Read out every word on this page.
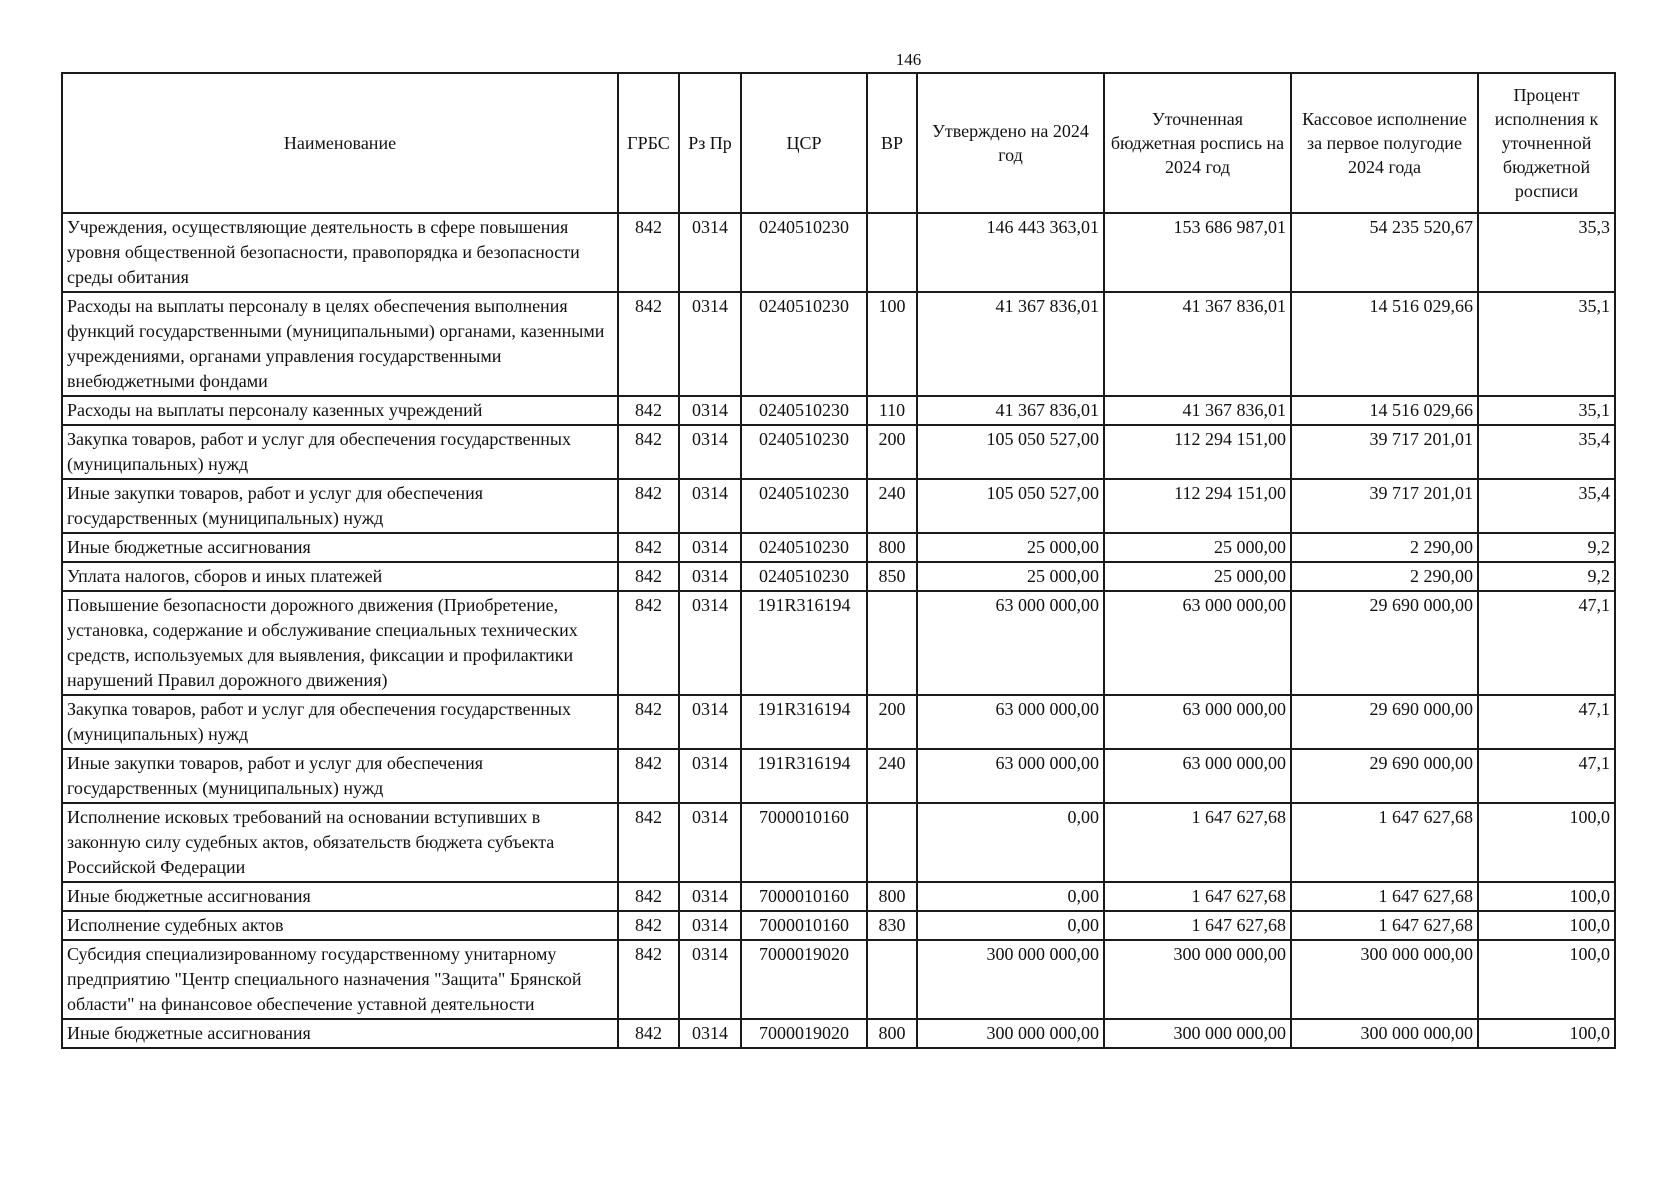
146
Наименование	ГРБС	Рз Пр	ЦСР	ВР	Утверждено на 2024 год	Уточненная бюджетная роспись на 2024 год	Кассовое исполнение за первое полугодие 2024 года	Процент исполнения к уточненной бюджетной росписи
Учреждения, осуществляющие деятельность в сфере повышения уровня общественной безопасности, правопорядка и безопасности среды обитания	842	0314	0240510230		146 443 363,01	153 686 987,01	54 235 520,67	35,3
Расходы на выплаты персоналу в целях обеспечения выполнения функций государственными (муниципальными) органами, казенными учреждениями, органами управления государственными внебюджетными фондами	842	0314	0240510230	100	41 367 836,01	41 367 836,01	14 516 029,66	35,1
Расходы на выплаты персоналу казенных учреждений	842	0314	0240510230	110	41 367 836,01	41 367 836,01	14 516 029,66	35,1
Закупка товаров, работ и услуг для обеспечения государственных (муниципальных) нужд	842	0314	0240510230	200	105 050 527,00	112 294 151,00	39 717 201,01	35,4
Иные закупки товаров, работ и услуг для обеспечения государственных (муниципальных) нужд	842	0314	0240510230	240	105 050 527,00	112 294 151,00	39 717 201,01	35,4
Иные бюджетные ассигнования	842	0314	0240510230	800	25 000,00	25 000,00	2 290,00	9,2
Уплата налогов, сборов и иных платежей	842	0314	0240510230	850	25 000,00	25 000,00	2 290,00	9,2
Повышение безопасности дорожного движения (Приобретение, установка, содержание и обслуживание специальных технических средств, используемых для выявления, фиксации и профилактики нарушений Правил дорожного движения)	842	0314	191R316194		63 000 000,00	63 000 000,00	29 690 000,00	47,1
Закупка товаров, работ и услуг для обеспечения государственных (муниципальных) нужд	842	0314	191R316194	200	63 000 000,00	63 000 000,00	29 690 000,00	47,1
Иные закупки товаров, работ и услуг для обеспечения государственных (муниципальных) нужд	842	0314	191R316194	240	63 000 000,00	63 000 000,00	29 690 000,00	47,1
Исполнение исковых требований на основании вступивших в законную силу судебных актов, обязательств бюджета субъекта Российской Федерации	842	0314	7000010160		0,00	1 647 627,68	1 647 627,68	100,0
Иные бюджетные ассигнования	842	0314	7000010160	800	0,00	1 647 627,68	1 647 627,68	100,0
Исполнение судебных актов	842	0314	7000010160	830	0,00	1 647 627,68	1 647 627,68	100,0
Субсидия специализированному государственному унитарному предприятию "Центр специального назначения "Защита" Брянской области" на финансовое обеспечение уставной деятельности	842	0314	7000019020		300 000 000,00	300 000 000,00	300 000 000,00	100,0
Иные бюджетные ассигнования	842	0314	7000019020	800	300 000 000,00	300 000 000,00	300 000 000,00	100,0
